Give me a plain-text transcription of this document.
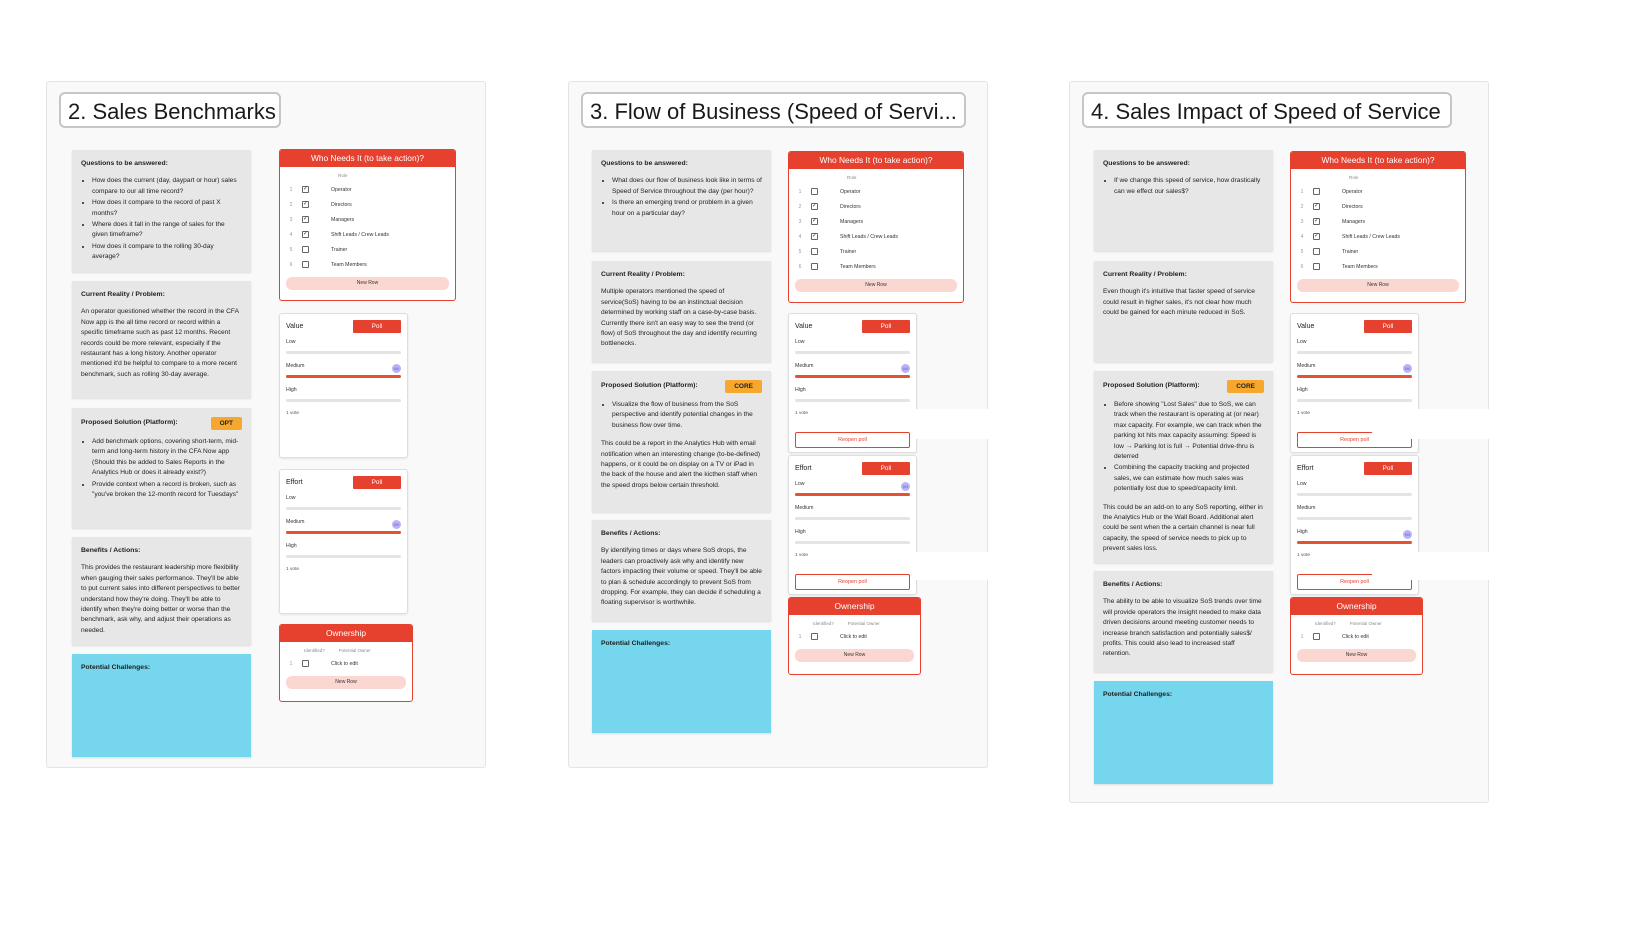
2. Sales Benchmarks	3. Flow of Business (Speed of Servi...	4. Sales Impact of Speed of Service
Questions to be answered:
• How does the current (day, daypart or hour) sales compare to our all time record?
• How does it compare to the record of past X months?
• Where does it fall in the range of sales for the given timeframe?
• How does it compare to the rolling 30-day average?
Current Reality / Problem:

An operator questioned whether the record in the CFA Now app is the all time record or record within a specific timeframe such as past 12 months. Recent records could be more relevant, especially if the restaurant has a long history. Another operator mentioned it'd be helpful to compare to a more recent benchmark, such as rolling 30-day average.

Proposed Solution (Platform):	OPT
• Add benchmark options, covering short-term, mid-term and long-term history in the CFA Now app (Should this be added to Sales Reports in the Analytics Hub or does it already exist?)
• Provide context when a record is broken, such as "you've broken the 12-month record for Tuesdays"
Benefits / Actions:

This provides the restaurant leadership more flexibility when gauging their sales performance. They'll be able to put current sales into different perspectives to better understand how they're doing. They'll be able to identify when they're doing better or worse than the benchmark, ask why, and adjust their operations as needed.

Potential Challenges:
Who Needs It (to take action)?
Role
1	✓	Operator
2	✓	Directors
3	✓	Managers
4	✓	Shift Leads / Crew Leads
5	Trainer
6	Team Members
New Row
Value	Poll
Low
Medium	IM
High
1 vote
Effort	Poll
Low
Medium	IM
High
1 vote
Ownership
Identified?	Potential Owner
1	Click to edit
New Row
Questions to be answered:
• What does our flow of business look like in terms of Speed of Service throughout the day (per hour)?
• Is there an emerging trend or problem in a given hour on a particular day?
Current Reality / Problem:

Multiple operators mentioned the speed of service(SoS) having to be an instinctual decision determined by working staff on a case-by-case basis. Currently there isn't an easy way to see the trend (or flow) of SoS throughout the day and identify recurring bottlenecks.

Proposed Solution (Platform):	CORE
• Visualize the flow of business from the SoS perspective and identify potential changes in the business flow over time.

This could be a report in the Analytics Hub with email notification when an interesting change (to-be-defined) happens, or it could be on display on a TV or iPad in the back of the house and alert the kicthen staff when the speed drops below certain threshold.

Benefits / Actions:

By identifying times or days where SoS drops, the leaders can proactively ask why and identify new factors impacting their volume or speed. They'll be able to plan & schedule accordingly to prevent SoS from dropping. For example, they can decide if scheduling a floating supervisor is worthwhile.

Potential Challenges:
Who Needs It (to take action)?
Role
1	Operator
2	✓	Directors
3	✓	Managers
4	✓	Shift Leads / Crew Leads
5	Trainer
6	Team Members
New Row
Value	Poll
Low
Medium	IM
High
1 vote
Reopen poll
Effort	Poll
Low	IM
Medium
High
1 vote
Reopen poll
Ownership
Identified?	Potential Owner
1	Click to edit
New Row
Questions to be answered:
• If we change this speed of service, how drastically can we effect our sales$?
Current Reality / Problem:

Even though it's intuitive that faster speed of service could result in higher sales, it's not clear how much could be gained for each minute reduced in SoS.

Proposed Solution (Platform):	CORE
• Before showing "Lost Sales" due to SoS, we can track when the restaurant is operating at (or near) max capacity. For example, we can track when the parking lot hits max capacity assuming: Speed is low → Parking lot is full → Potential drive-thru is deterred
• Combining the capacity tracking and projected sales, we can estimate how much sales was potentially lost due to speed/capacity limit.

This could be an add-on to any SoS reporting, either in the Analytics Hub or the Wall Board. Additional alert could be sent when the a certain channel is near full capacity, the speed of service needs to pick up to prevent sales loss.

Benefits / Actions:

The ability to be able to visualize SoS trends over time will provide operators the insight needed to make data driven decisions around meeting customer needs to increase branch satisfaction and potentially sales$/ profits. This could also lead to increased staff retention.

Potential Challenges:
Who Needs It (to take action)?
Role
1	Operator
2	✓	Directors
3	✓	Managers
4	✓	Shift Leads / Crew Leads
5	Trainer
6	Team Members
New Row
Value	Poll
Low
Medium	IM
High
1 vote
Reopen poll
Effort	Poll
Low
Medium
High	IM
1 vote
Reopen poll
Ownership
Identified?	Potential Owner
1	Click to edit
New Row
